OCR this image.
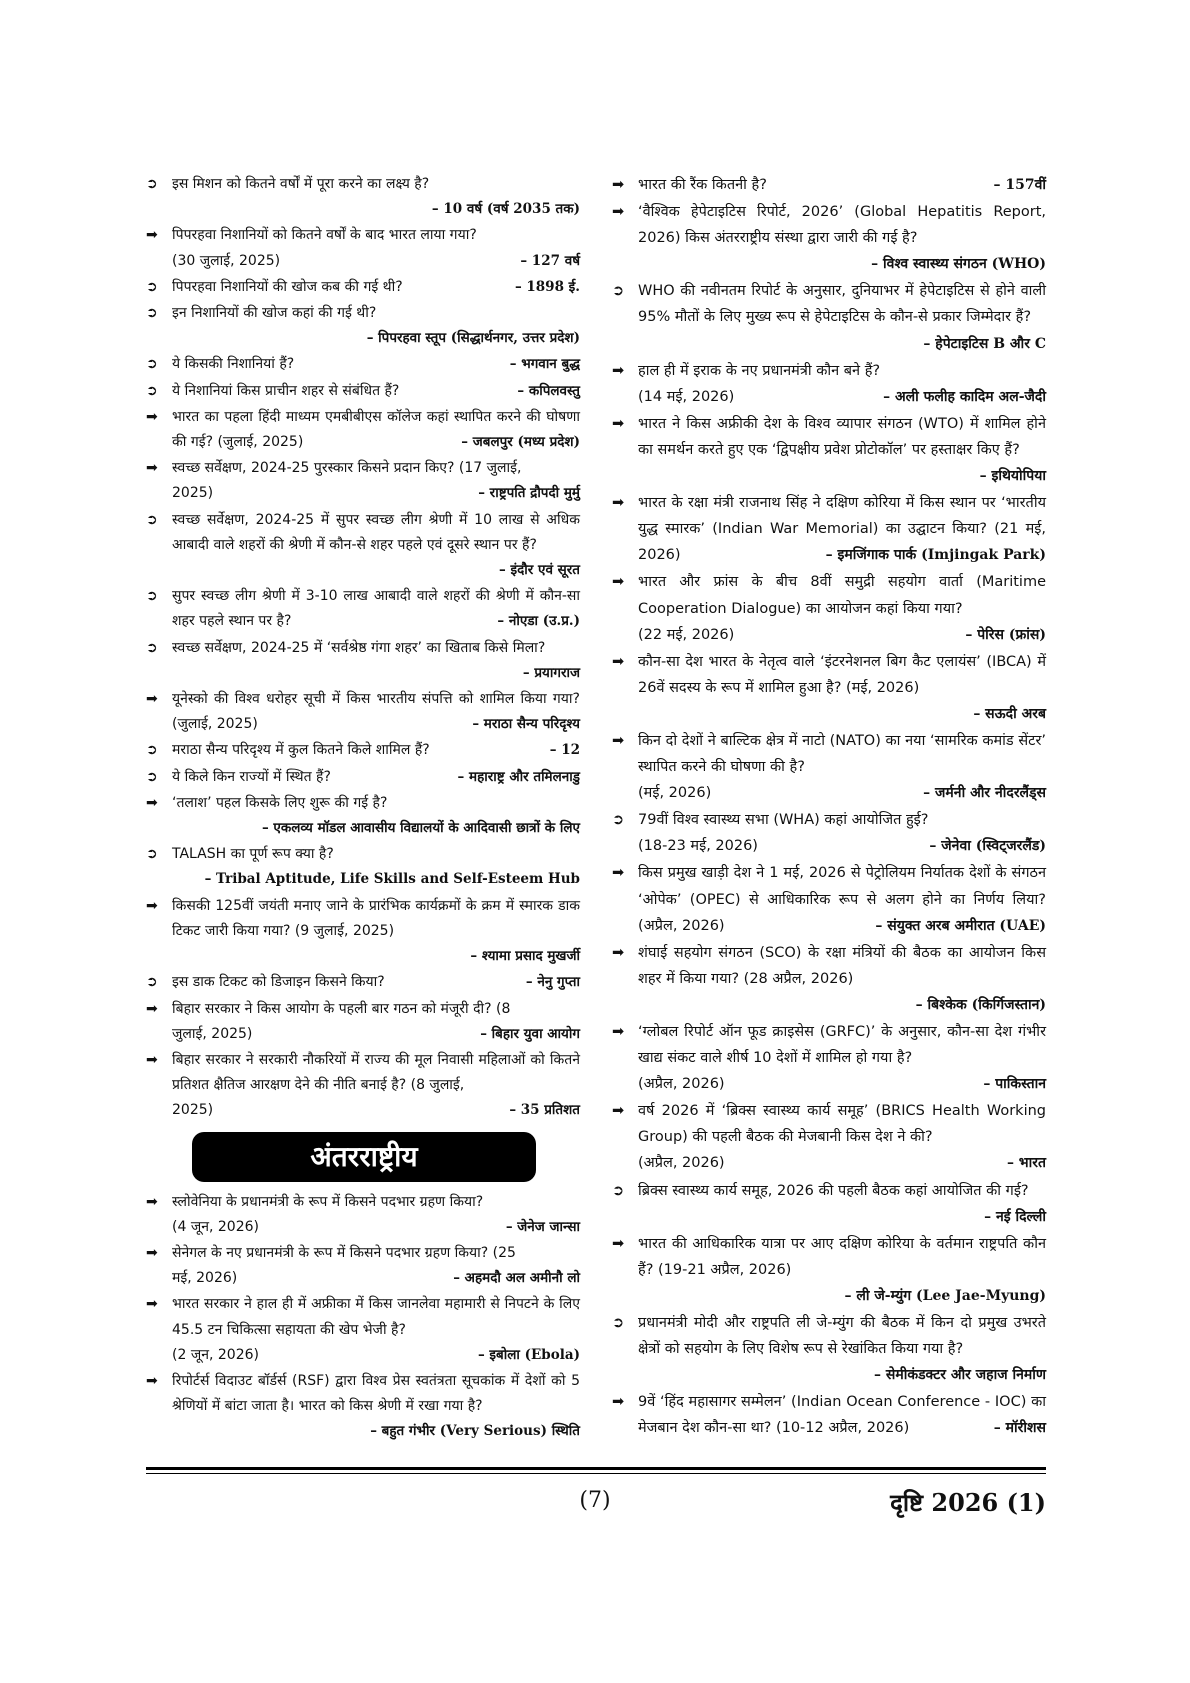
➲	इस मिशन को कितने वर्षों में पूरा करने का लक्ष्य है?
– 10 वर्ष (वर्ष 2035 तक)
➡	पिपरहवा निशानियों को कितने वर्षों के बाद भारत लाया गया?
(30 जुलाई, 2025)	– 127 वर्ष
➲	पिपरहवा निशानियों की खोज कब की गई थी?	– 1898 ई.
➲	इन निशानियों की खोज कहां की गई थी?
– पिपरहवा स्तूप (सिद्धार्थनगर, उत्तर प्रदेश)
➲	ये किसकी निशानियां हैं?	– भगवान बुद्ध
➲	ये निशानियां किस प्राचीन शहर से संबंधित हैं?	– कपिलवस्तु
➡	भारत का पहला हिंदी माध्यम एमबीबीएस कॉलेज कहां स्थापित करने की घोषणा की गई? (जुलाई, 2025)	– जबलपुर (मध्य प्रदेश)
➡	स्वच्छ सर्वेक्षण, 2024-25 पुरस्कार किसने प्रदान किए? (17 जुलाई,
2025)	– राष्ट्रपति द्रौपदी मुर्मु
➲	स्वच्छ सर्वेक्षण, 2024-25 में सुपर स्वच्छ लीग श्रेणी में 10 लाख से अधिक आबादी वाले शहरों की श्रेणी में कौन-से शहर पहले एवं दूसरे स्थान पर हैं?
– इंदौर एवं सूरत
➲	सुपर स्वच्छ लीग श्रेणी में 3-10 लाख आबादी वाले शहरों की श्रेणी में कौन-सा शहर पहले स्थान पर है?	– नोएडा (उ.प्र.)
➲	स्वच्छ सर्वेक्षण, 2024-25 में ‘सर्वश्रेष्ठ गंगा शहर’ का खिताब किसे मिला?
– प्रयागराज
➡	यूनेस्को की विश्व धरोहर सूची में किस भारतीय संपत्ति को शामिल किया गया? (जुलाई, 2025)	– मराठा सैन्य परिदृश्य
➲	मराठा सैन्य परिदृश्य में कुल कितने किले शामिल हैं?	– 12
➲	ये किले किन राज्यों में स्थित हैं?	– महाराष्ट्र और तमिलनाडु
➡	‘तलाश’ पहल किसके लिए शुरू की गई है?
– एकलव्य मॉडल आवासीय विद्यालयों के आदिवासी छात्रों के लिए
➲	TALASH का पूर्ण रूप क्या है?
– Tribal Aptitude, Life Skills and Self-Esteem Hub
➡	किसकी 125वीं जयंती मनाए जाने के प्रारंभिक कार्यक्रमों के क्रम में स्मारक डाक टिकट जारी किया गया? (9 जुलाई, 2025)
– श्यामा प्रसाद मुखर्जी
➲	इस डाक टिकट को डिजाइन किसने किया?	– नेनु गुप्ता
➡	बिहार सरकार ने किस आयोग के पहली बार गठन को मंजूरी दी? (8
जुलाई, 2025)	– बिहार युवा आयोग
➡	बिहार सरकार ने सरकारी नौकरियों में राज्य की मूल निवासी महिलाओं को कितने प्रतिशत क्षैतिज आरक्षण देने की नीति बनाई है? (8 जुलाई,
2025)	– 35 प्रतिशत
अंतरराष्ट्रीय
➡	स्लोवेनिया के प्रधानमंत्री के रूप में किसने पदभार ग्रहण किया?
(4 जून, 2026)	– जेनेज जान्सा
➡	सेनेगल के नए प्रधानमंत्री के रूप में किसने पदभार ग्रहण किया? (25
मई, 2026)	– अहमदौ अल अमीनौ लो
➡	भारत सरकार ने हाल ही में अफ्रीका में किस जानलेवा महामारी से निपटने के लिए 45.5 टन चिकित्सा सहायता की खेप भेजी है?
(2 जून, 2026)	– इबोला (Ebola)
➡	रिपोर्टर्स विदाउट बॉर्डर्स (RSF) द्वारा विश्व प्रेस स्वतंत्रता सूचकांक में देशों को 5 श्रेणियों में बांटा जाता है। भारत को किस श्रेणी में रखा गया है?
– बहुत गंभीर (Very Serious) स्थिति
➡ भारत की रैंक कितनी है?	– 157वीं
➡ ‘वैश्विक हेपेटाइटिस रिपोर्ट, 2026’ (Global Hepatitis Report, 2026) किस अंतरराष्ट्रीय संस्था द्वारा जारी की गई है?
– विश्व स्वास्थ्य संगठन (WHO)
➲ WHO की नवीनतम रिपोर्ट के अनुसार, दुनियाभर में हेपेटाइटिस से होने वाली 95% मौतों के लिए मुख्य रूप से हेपेटाइटिस के कौन-से प्रकार जिम्मेदार हैं?
– हेपेटाइटिस B और C
➡ हाल ही में इराक के नए प्रधानमंत्री कौन बने हैं?
(14 मई, 2026)	– अली फलीह कादिम अल-जैदी
➡ भारत ने किस अफ्रीकी देश के विश्व व्यापार संगठन (WTO) में शामिल होने का समर्थन करते हुए एक ‘द्विपक्षीय प्रवेश प्रोटोकॉल’ पर हस्ताक्षर किए हैं?
– इथियोपिया
➡ भारत के रक्षा मंत्री राजनाथ सिंह ने दक्षिण कोरिया में किस स्थान पर ‘भारतीय युद्ध स्मारक’ (Indian War Memorial) का उद्घाटन किया? (21 मई, 2026)	– इमजिंगाक पार्क (Imjingak Park)
➡ भारत और फ्रांस के बीच 8वीं समुद्री सहयोग वार्ता (Maritime Cooperation Dialogue) का आयोजन कहां किया गया?
(22 मई, 2026)	– पेरिस (फ्रांस)
➡ कौन-सा देश भारत के नेतृत्व वाले ‘इंटरनेशनल बिग कैट एलायंस’ (IBCA) में 26वें सदस्य के रूप में शामिल हुआ है? (मई, 2026)
– सऊदी अरब
➡ किन दो देशों ने बाल्टिक क्षेत्र में नाटो (NATO) का नया ‘सामरिक कमांड सेंटर’ स्थापित करने की घोषणा की है?
(मई, 2026)	– जर्मनी और नीदरलैंड्स
➲ 79वीं विश्व स्वास्थ्य सभा (WHA) कहां आयोजित हुई?
(18-23 मई, 2026)	– जेनेवा (स्विट्जरलैंड)
➡ किस प्रमुख खाड़ी देश ने 1 मई, 2026 से पेट्रोलियम निर्यातक देशों के संगठन ‘ओपेक’ (OPEC) से आधिकारिक रूप से अलग होने का निर्णय लिया? (अप्रैल, 2026)	– संयुक्त अरब अमीरात (UAE)
➡ शंघाई सहयोग संगठन (SCO) के रक्षा मंत्रियों की बैठक का आयोजन किस शहर में किया गया? (28 अप्रैल, 2026)
– बिश्केक (किर्गिजस्तान)
➡ ‘ग्लोबल रिपोर्ट ऑन फूड क्राइसेस (GRFC)’ के अनुसार, कौन-सा देश गंभीर खाद्य संकट वाले शीर्ष 10 देशों में शामिल हो गया है?
(अप्रैल, 2026)	– पाकिस्तान
➡ वर्ष 2026 में ‘ब्रिक्स स्वास्थ्य कार्य समूह’ (BRICS Health Working Group) की पहली बैठक की मेजबानी किस देश ने की?
(अप्रैल, 2026)	– भारत
➲ ब्रिक्स स्वास्थ्य कार्य समूह, 2026 की पहली बैठक कहां आयोजित की गई?
– नई दिल्ली
➡ भारत की आधिकारिक यात्रा पर आए दक्षिण कोरिया के वर्तमान राष्ट्रपति कौन हैं? (19-21 अप्रैल, 2026)
– ली जे-म्युंग (Lee Jae-Myung)
➲ प्रधानमंत्री मोदी और राष्ट्रपति ली जे-म्युंग की बैठक में किन दो प्रमुख उभरते क्षेत्रों को सहयोग के लिए विशेष रूप से रेखांकित किया गया है?
– सेमीकंडक्टर और जहाज निर्माण
➡ 9वें ‘हिंद महासागर सम्मेलन’ (Indian Ocean Conference - IOC) का मेजबान देश कौन-सा था? (10-12 अप्रैल, 2026)	– मॉरीशस
(7)	दृष्टि 2026 (1)
